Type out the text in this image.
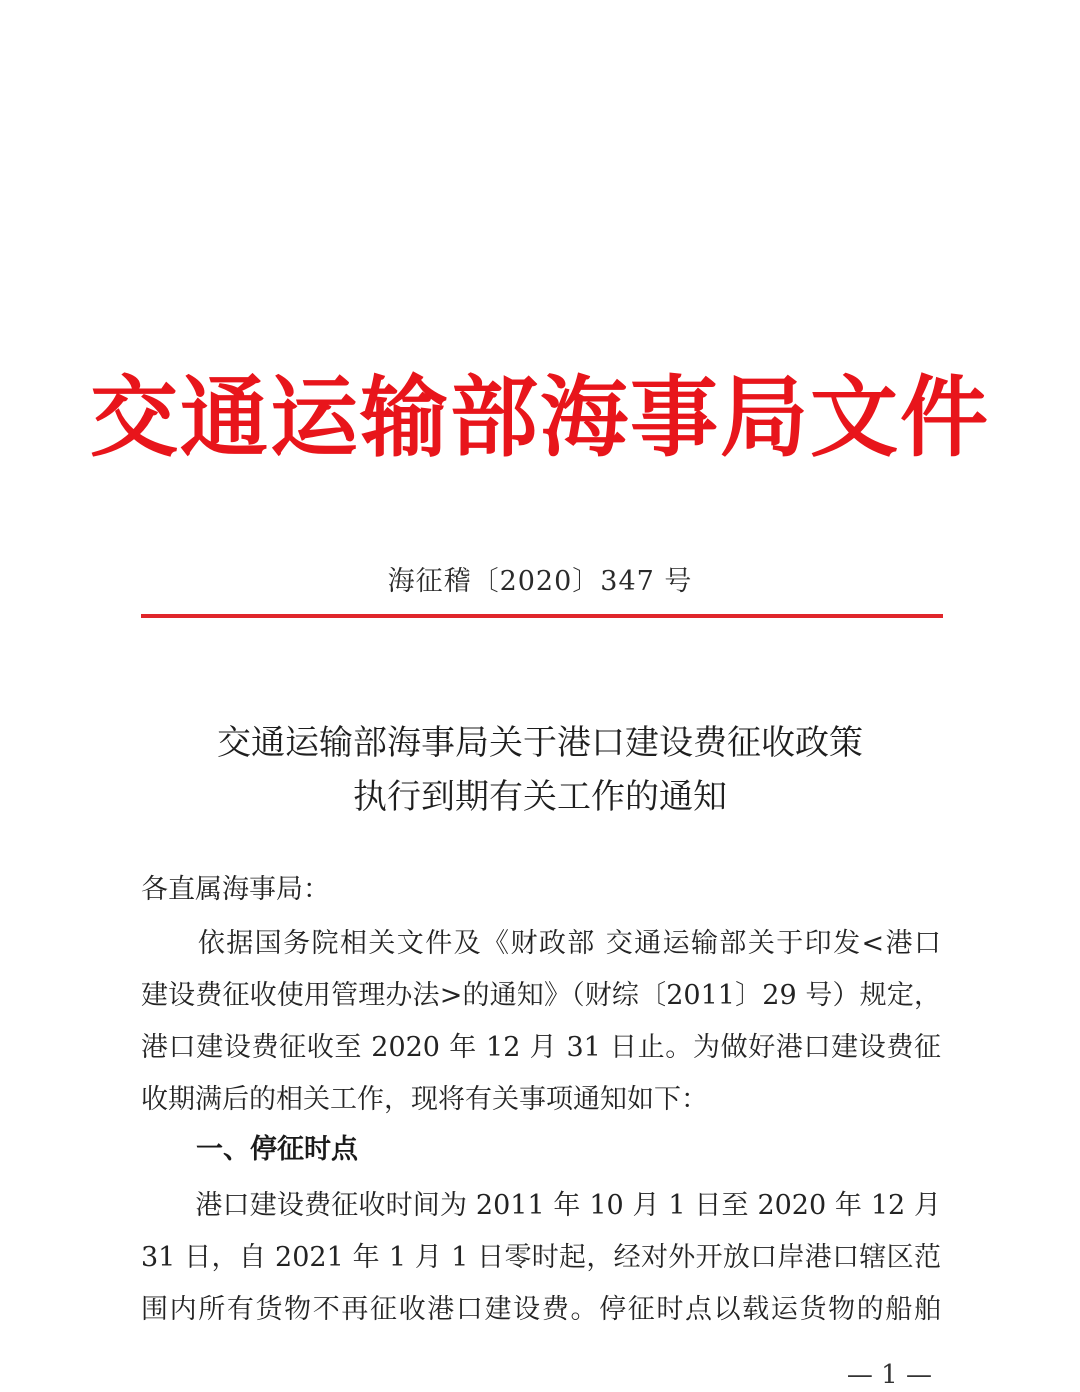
交通运输部海事局文件
海征稽〔2020〕347 号
交通运输部海事局关于港口建设费征收政策
执行到期有关工作的通知
各直属海事局：
　　依据国务院相关文件及《财政部 交通运输部关于印发<港口
建设费征收使用管理办法>的通知》（财综〔2011〕29 号）规定，
港口建设费征收至 2020 年 12 月 31 日止。为做好港口建设费征
收期满后的相关工作，现将有关事项通知如下：
一、停征时点
　　港口建设费征收时间为 2011 年 10 月 1 日至 2020 年 12 月
31 日，自 2021 年 1 月 1 日零时起，经对外开放口岸港口辖区范
围内所有货物不再征收港口建设费。停征时点以载运货物的船舶
— 1 —
